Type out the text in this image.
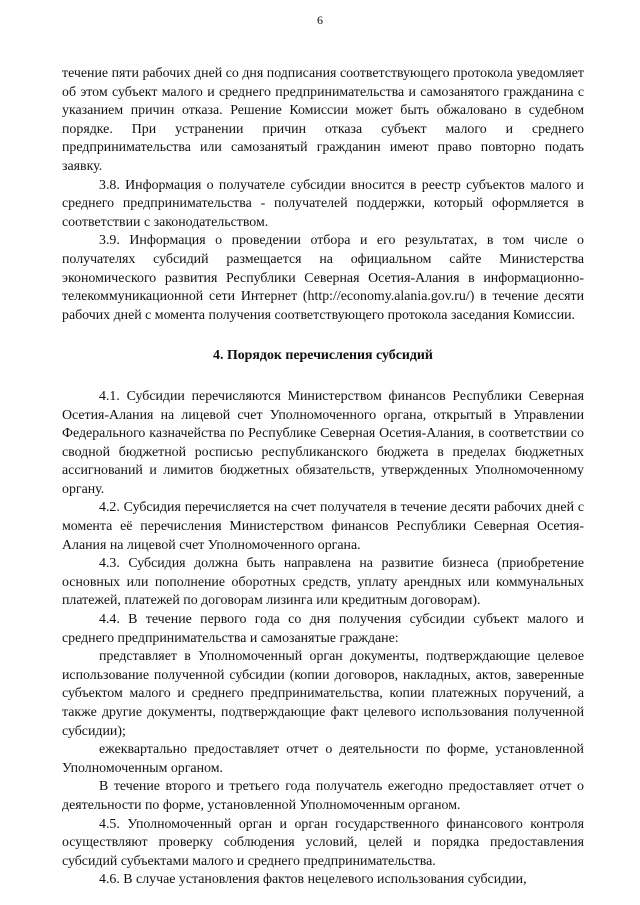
6

течение пяти рабочих дней со дня подписания соответствующего протокола уведомляет об этом субъект малого и среднего предпринимательства и самозанятого гражданина с указанием причин отказа. Решение Комиссии может быть обжаловано в судебном порядке. При устранении причин отказа субъект малого и среднего предпринимательства или самозанятый гражданин имеют право повторно подать заявку.

3.8. Информация о получателе субсидии вносится в реестр субъектов малого и среднего предпринимательства - получателей поддержки, который оформляется в соответствии с законодательством.

3.9. Информация о проведении отбора и его результатах, в том числе о получателях субсидий размещается на официальном сайте Министерства экономического развития Республики Северная Осетия-Алания в информационно-телекоммуникационной сети Интернет (http://economy.alania.gov.ru/) в течение десяти рабочих дней с момента получения соответствующего протокола заседания Комиссии.

4. Порядок перечисления субсидий

4.1. Субсидии перечисляются Министерством финансов Республики Северная Осетия-Алания на лицевой счет Уполномоченного органа, открытый в Управлении Федерального казначейства по Республике Северная Осетия-Алания, в соответствии со сводной бюджетной росписью республиканского бюджета в пределах бюджетных ассигнований и лимитов бюджетных обязательств, утвержденных Уполномоченному органу.

4.2. Субсидия перечисляется на счет получателя в течение десяти рабочих дней с момента её перечисления Министерством финансов Республики Северная Осетия-Алания на лицевой счет Уполномоченного органа.

4.3. Субсидия должна быть направлена на развитие бизнеса (приобретение основных или пополнение оборотных средств, уплату арендных или коммунальных платежей, платежей по договорам лизинга или кредитным договорам).

4.4. В течение первого года со дня получения субсидии субъект малого и среднего предпринимательства и самозанятые граждане:

представляет в Уполномоченный орган документы, подтверждающие целевое использование полученной субсидии (копии договоров, накладных, актов, заверенные субъектом малого и среднего предпринимательства, копии платежных поручений, а также другие документы, подтверждающие факт целевого использования полученной субсидии);

ежеквартально предоставляет отчет о деятельности по форме, установленной Уполномоченным органом.

В течение второго и третьего года получатель ежегодно предоставляет отчет о деятельности по форме, установленной Уполномоченным органом.

4.5. Уполномоченный орган и орган государственного финансового контроля осуществляют проверку соблюдения условий, целей и порядка предоставления субсидий субъектами малого и среднего предпринимательства.

4.6. В случае установления фактов нецелевого использования субсидии,
